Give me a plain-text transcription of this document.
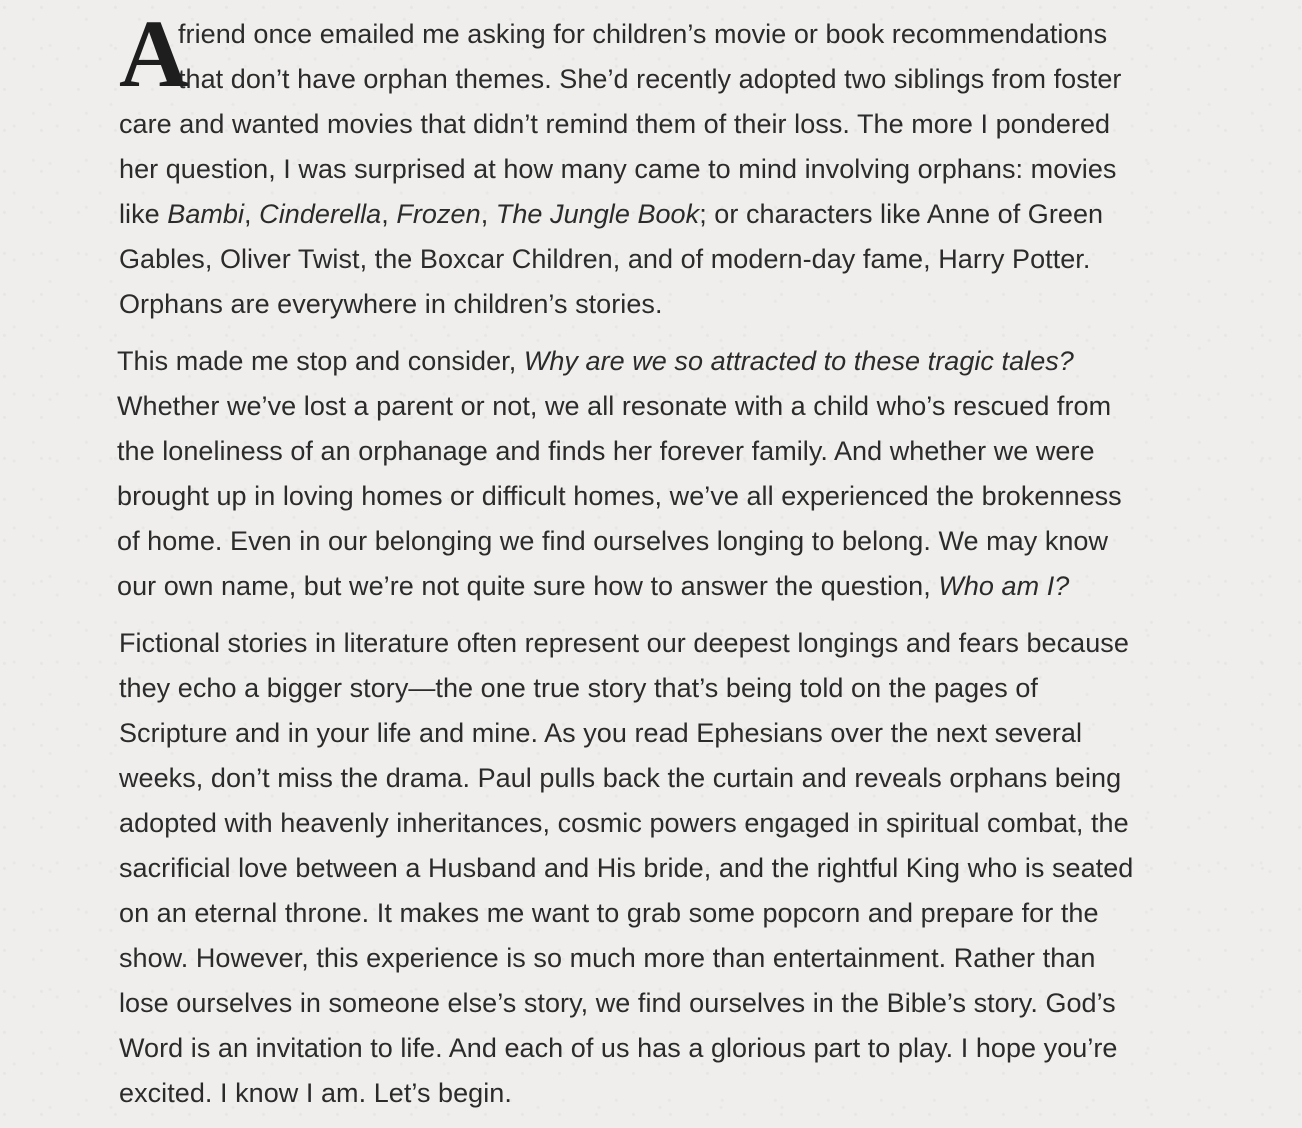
A
friend once emailed me asking for children’s movie or book recommendations
that don’t have orphan themes. She’d recently adopted two siblings from foster
care and wanted movies that didn’t remind them of their loss. The more I pondered
her question, I was surprised at how many came to mind involving orphans: movies
like Bambi, Cinderella, Frozen, The Jungle Book; or characters like Anne of Green
Gables, Oliver Twist, the Boxcar Children, and of modern-day fame, Harry Potter.
Orphans are everywhere in children’s stories.

This made me stop and consider, Why are we so attracted to these tragic tales?
Whether we’ve lost a parent or not, we all resonate with a child who’s rescued from
the loneliness of an orphanage and finds her forever family. And whether we were
brought up in loving homes or difficult homes, we’ve all experienced the brokenness
of home. Even in our belonging we find ourselves longing to belong. We may know
our own name, but we’re not quite sure how to answer the question, Who am I?

Fictional stories in literature often represent our deepest longings and fears because
they echo a bigger story—the one true story that’s being told on the pages of
Scripture and in your life and mine. As you read Ephesians over the next several
weeks, don’t miss the drama. Paul pulls back the curtain and reveals orphans being
adopted with heavenly inheritances, cosmic powers engaged in spiritual combat, the
sacrificial love between a Husband and His bride, and the rightful King who is seated
on an eternal throne. It makes me want to grab some popcorn and prepare for the
show. However, this experience is so much more than entertainment. Rather than
lose ourselves in someone else’s story, we find ourselves in the Bible’s story. God’s
Word is an invitation to life. And each of us has a glorious part to play. I hope you’re
excited. I know I am. Let’s begin.
